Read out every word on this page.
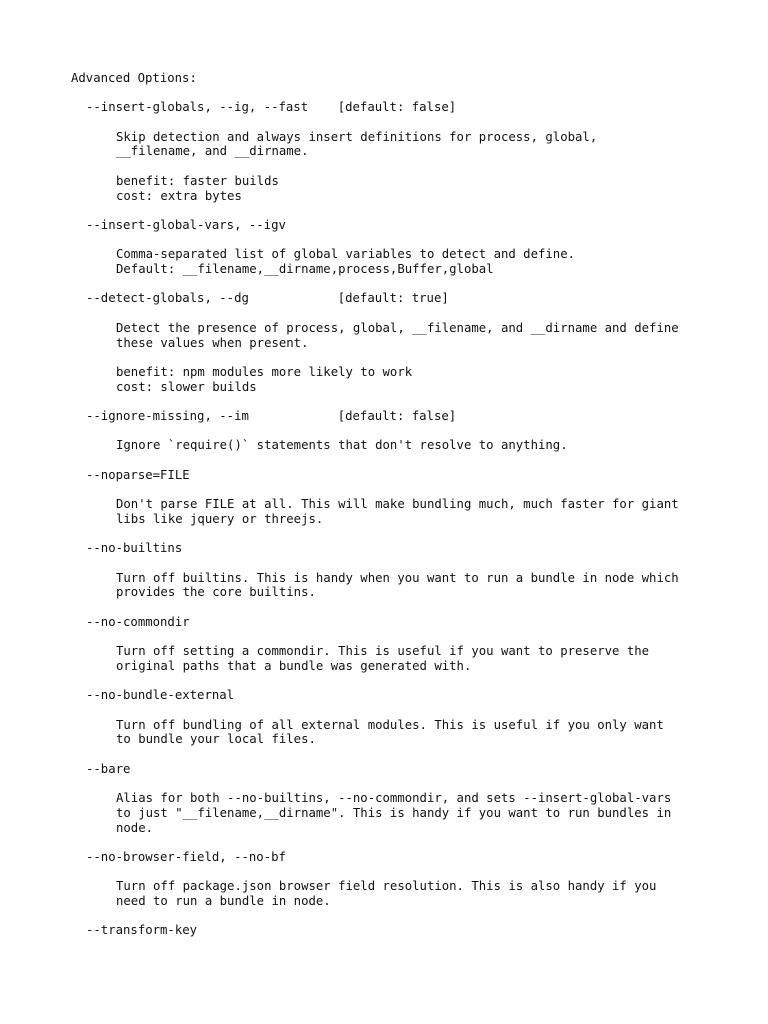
Advanced Options:
--insert-globals, --ig, --fast    [default: false]
Skip detection and always insert definitions for process, global,
__filename, and __dirname.
benefit: faster builds
cost: extra bytes
--insert-global-vars, --igv
Comma-separated list of global variables to detect and define.
Default: __filename,__dirname,process,Buffer,global
--detect-globals, --dg            [default: true]
Detect the presence of process, global, __filename, and __dirname and define
these values when present.
benefit: npm modules more likely to work
cost: slower builds
--ignore-missing, --im            [default: false]
Ignore `require()` statements that don't resolve to anything.
--noparse=FILE
Don't parse FILE at all. This will make bundling much, much faster for giant
libs like jquery or threejs.
--no-builtins
Turn off builtins. This is handy when you want to run a bundle in node which
provides the core builtins.
--no-commondir
Turn off setting a commondir. This is useful if you want to preserve the
original paths that a bundle was generated with.
--no-bundle-external
Turn off bundling of all external modules. This is useful if you only want
to bundle your local files.
--bare
Alias for both --no-builtins, --no-commondir, and sets --insert-global-vars
to just "__filename,__dirname". This is handy if you want to run bundles in
node.
--no-browser-field, --no-bf
Turn off package.json browser field resolution. This is also handy if you
need to run a bundle in node.
--transform-key
